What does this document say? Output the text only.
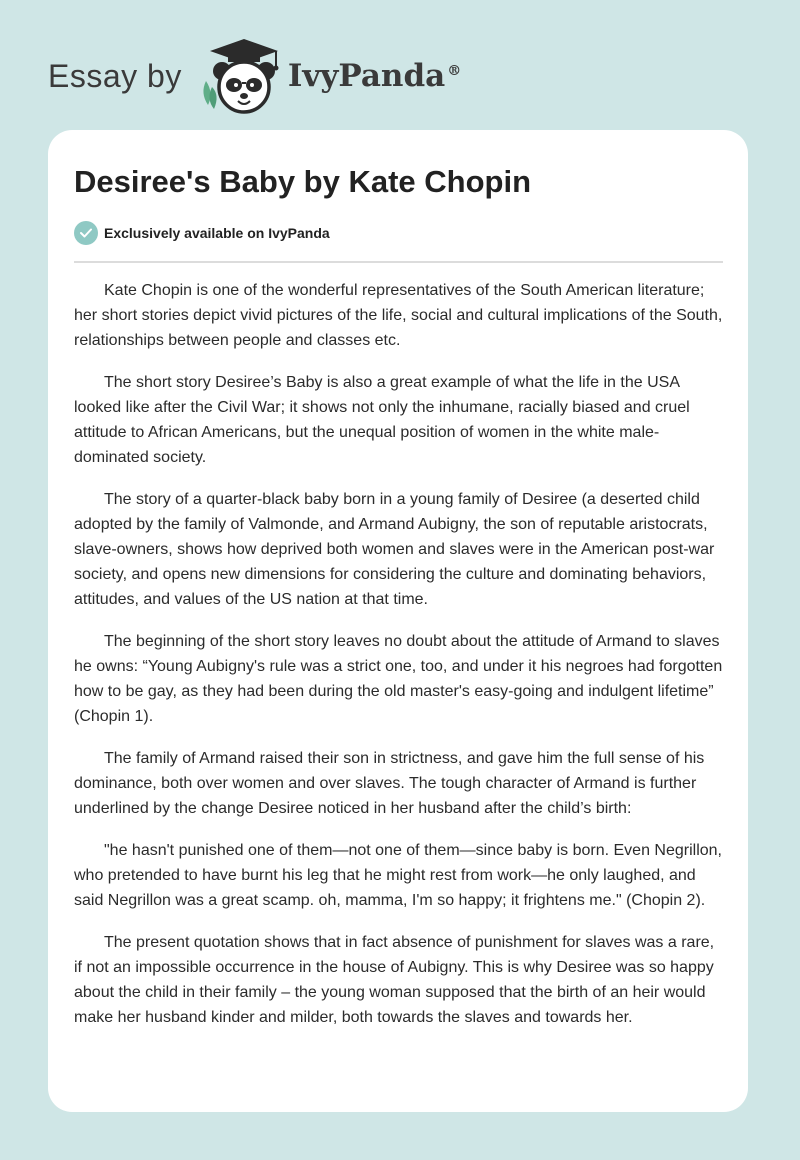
Essay by	IvyPanda ®
Desiree's Baby by Kate Chopin
Exclusively available on IvyPanda

Kate Chopin is one of the wonderful representatives of the South American literature; her short stories depict vivid pictures of the life, social and cultural implications of the South, relationships between people and classes etc.

The short story Desiree’s Baby is also a great example of what the life in the USA looked like after the Civil War; it shows not only the inhumane, racially biased and cruel attitude to African Americans, but the unequal position of women in the white male-dominated society.

The story of a quarter-black baby born in a young family of Desiree (a deserted child adopted by the family of Valmonde, and Armand Aubigny, the son of reputable aristocrats, slave-owners, shows how deprived both women and slaves were in the American post-war society, and opens new dimensions for considering the culture and dominating behaviors, attitudes, and values of the US nation at that time.

The beginning of the short story leaves no doubt about the attitude of Armand to slaves he owns: “Young Aubigny's rule was a strict one, too, and under it his negroes had forgotten how to be gay, as they had been during the old master's easy-going and indulgent lifetime” (Chopin 1).

The family of Armand raised their son in strictness, and gave him the full sense of his dominance, both over women and over slaves. The tough character of Armand is further underlined by the change Desiree noticed in her husband after the child’s birth:

"he hasn't punished one of them—not one of them—since baby is born. Even Negrillon, who pretended to have burnt his leg that he might rest from work—he only laughed, and said Negrillon was a great scamp. oh, mamma, I'm so happy; it frightens me." (Chopin 2).

The present quotation shows that in fact absence of punishment for slaves was a rare, if not an impossible occurrence in the house of Aubigny. This is why Desiree was so happy about the child in their family – the young woman supposed that the birth of an heir would make her husband kinder and milder, both towards the slaves and towards her.
